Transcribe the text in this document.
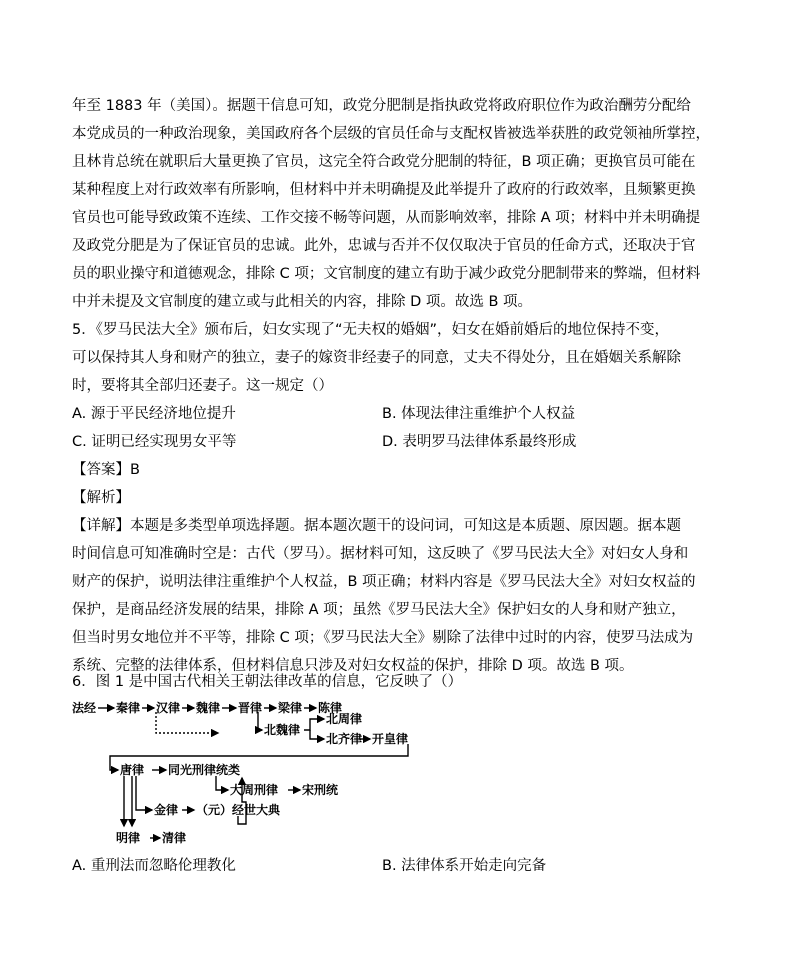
年至 1883 年（美国）。据题干信息可知，政党分肥制是指执政党将政府职位作为政治酬劳分配给
本党成员的一种政治现象，美国政府各个层级的官员任命与支配权皆被选举获胜的政党领袖所掌控，
且林肯总统在就职后大量更换了官员，这完全符合政党分肥制的特征，B 项正确；更换官员可能在
某种程度上对行政效率有所影响，但材料中并未明确提及此举提升了政府的行政效率，且频繁更换
官员也可能导致政策不连续、工作交接不畅等问题，从而影响效率，排除 A 项；材料中并未明确提
及政党分肥是为了保证官员的忠诚。此外，忠诚与否并不仅仅取决于官员的任命方式，还取决于官
员的职业操守和道德观念，排除 C 项；文官制度的建立有助于减少政党分肥制带来的弊端，但材料
中并未提及文官制度的建立或与此相关的内容，排除 D 项。故选 B 项。
5．《罗马民法大全》颁布后，妇女实现了“无夫权的婚姻”，妇女在婚前婚后的地位保持不变，
可以保持其人身和财产的独立，妻子的嫁资非经妻子的同意，丈夫不得处分，且在婚姻关系解除
时，要将其全部归还妻子。这一规定（）
A. 源于平民经济地位提升	B. 体现法律注重维护个人权益
C. 证明已经实现男女平等	D. 表明罗马法律体系最终形成
【答案】B
【解析】
【详解】本题是多类型单项选择题。据本题次题干的设问词，可知这是本质题、原因题。据本题
时间信息可知准确时空是：古代（罗马）。据材料可知，这反映了《罗马民法大全》对妇女人身和
财产的保护，说明法律注重维护个人权益，B 项正确；材料内容是《罗马民法大全》对妇女权益的
保护，是商品经济发展的结果，排除 A 项；虽然《罗马民法大全》保护妇女的人身和财产独立，
但当时男女地位并不平等，排除 C 项；《罗马民法大全》剔除了法律中过时的内容，使罗马法成为
系统、完整的法律体系，但材料信息只涉及对妇女权益的保护，排除 D 项。故选 B 项。
6．图 1 是中国古代相关王朝法律改革的信息，它反映了（）
法经 秦律 汉律 魏律 晋律 梁律 陈律
北魏律
北周律
北齐律 开皇律
唐律 同光刑律统类
大周刑律 宋刑统
金律 （元）经世大典
明律 清律
A. 重刑法而忽略伦理教化	B. 法律体系开始走向完备
